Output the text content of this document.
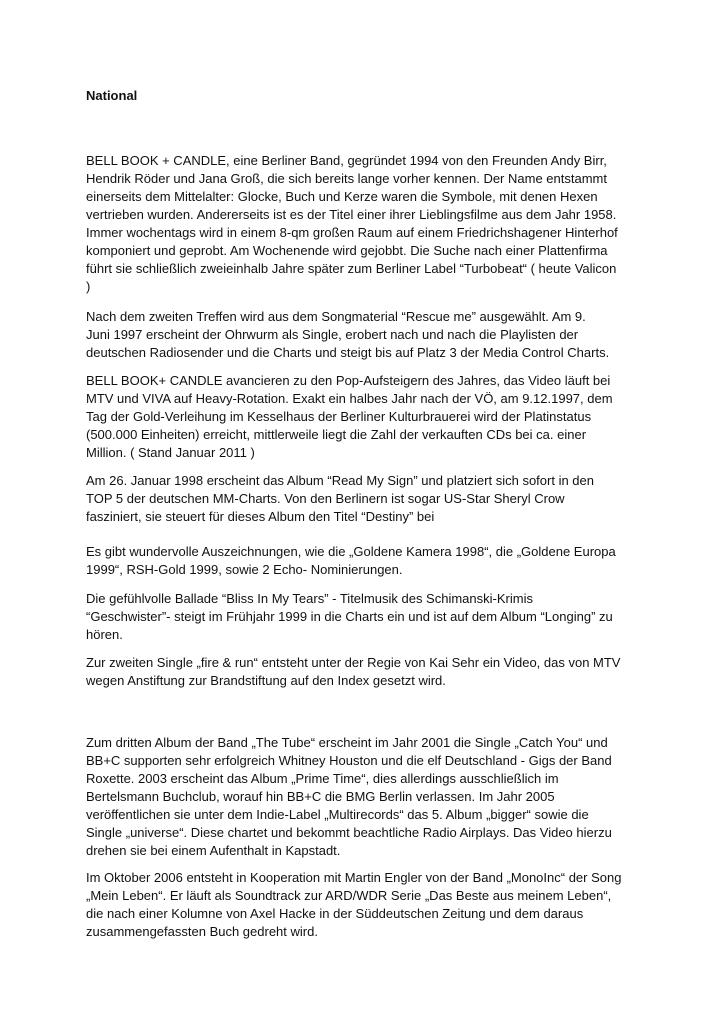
National

BELL BOOK + CANDLE, eine Berliner Band, gegründet 1994 von den Freunden Andy Birr,
Hendrik Röder und Jana Groß, die sich bereits lange vorher kennen. Der Name entstammt
einerseits dem Mittelalter: Glocke, Buch und Kerze waren die Symbole, mit denen Hexen
vertrieben wurden. Andererseits ist es der Titel einer ihrer Lieblingsfilme aus dem Jahr 1958.
Immer wochentags wird in einem 8-qm großen Raum auf einem Friedrichshagener Hinterhof
komponiert und geprobt. Am Wochenende wird gejobbt. Die Suche nach einer Plattenfirma
führt sie schließlich zweieinhalb Jahre später zum Berliner Label “Turbobeat“ ( heute Valicon
)

Nach dem zweiten Treffen wird aus dem Songmaterial “Rescue me” ausgewählt. Am 9.
Juni 1997 erscheint der Ohrwurm als Single, erobert nach und nach die Playlisten der
deutschen Radiosender und die Charts und steigt bis auf Platz 3 der Media Control Charts.

BELL BOOK+ CANDLE avancieren zu den Pop-Aufsteigern des Jahres, das Video läuft bei
MTV und VIVA auf Heavy-Rotation. Exakt ein halbes Jahr nach der VÖ, am 9.12.1997, dem
Tag der Gold-Verleihung im Kesselhaus der Berliner Kulturbrauerei wird der Platinstatus
(500.000 Einheiten) erreicht, mittlerweile liegt die Zahl der verkauften CDs bei ca. einer
Million. ( Stand Januar 2011 )

Am 26. Januar 1998 erscheint das Album “Read My Sign” und platziert sich sofort in den
TOP 5 der deutschen MM-Charts. Von den Berlinern ist sogar US-Star Sheryl Crow
fasziniert, sie steuert für dieses Album den Titel “Destiny” bei

Es gibt wundervolle Auszeichnungen, wie die „Goldene Kamera 1998“, die „Goldene Europa
1999“, RSH-Gold 1999, sowie 2 Echo- Nominierungen.

Die gefühlvolle Ballade “Bliss In My Tears” - Titelmusik des Schimanski-Krimis
“Geschwister”- steigt im Frühjahr 1999 in die Charts ein und ist auf dem Album “Longing” zu
hören.

Zur zweiten Single „fire & run“ entsteht unter der Regie von Kai Sehr ein Video, das von MTV
wegen Anstiftung zur Brandstiftung auf den Index gesetzt wird.

Zum dritten Album der Band „The Tube“ erscheint im Jahr 2001 die Single „Catch You“ und
BB+C supporten sehr erfolgreich Whitney Houston und die elf Deutschland - Gigs der Band
Roxette. 2003 erscheint das Album „Prime Time“, dies allerdings ausschließlich im
Bertelsmann Buchclub, worauf hin BB+C die BMG Berlin verlassen. Im Jahr 2005
veröffentlichen sie unter dem Indie-Label „Multirecords“ das 5. Album „bigger“ sowie die
Single „universe“. Diese chartet und bekommt beachtliche Radio Airplays. Das Video hierzu
drehen sie bei einem Aufenthalt in Kapstadt.

Im Oktober 2006 entsteht in Kooperation mit Martin Engler von der Band „MonoInc“ der Song
„Mein Leben“. Er läuft als Soundtrack zur ARD/WDR Serie „Das Beste aus meinem Leben“,
die nach einer Kolumne von Axel Hacke in der Süddeutschen Zeitung und dem daraus
zusammengefassten Buch gedreht wird.
